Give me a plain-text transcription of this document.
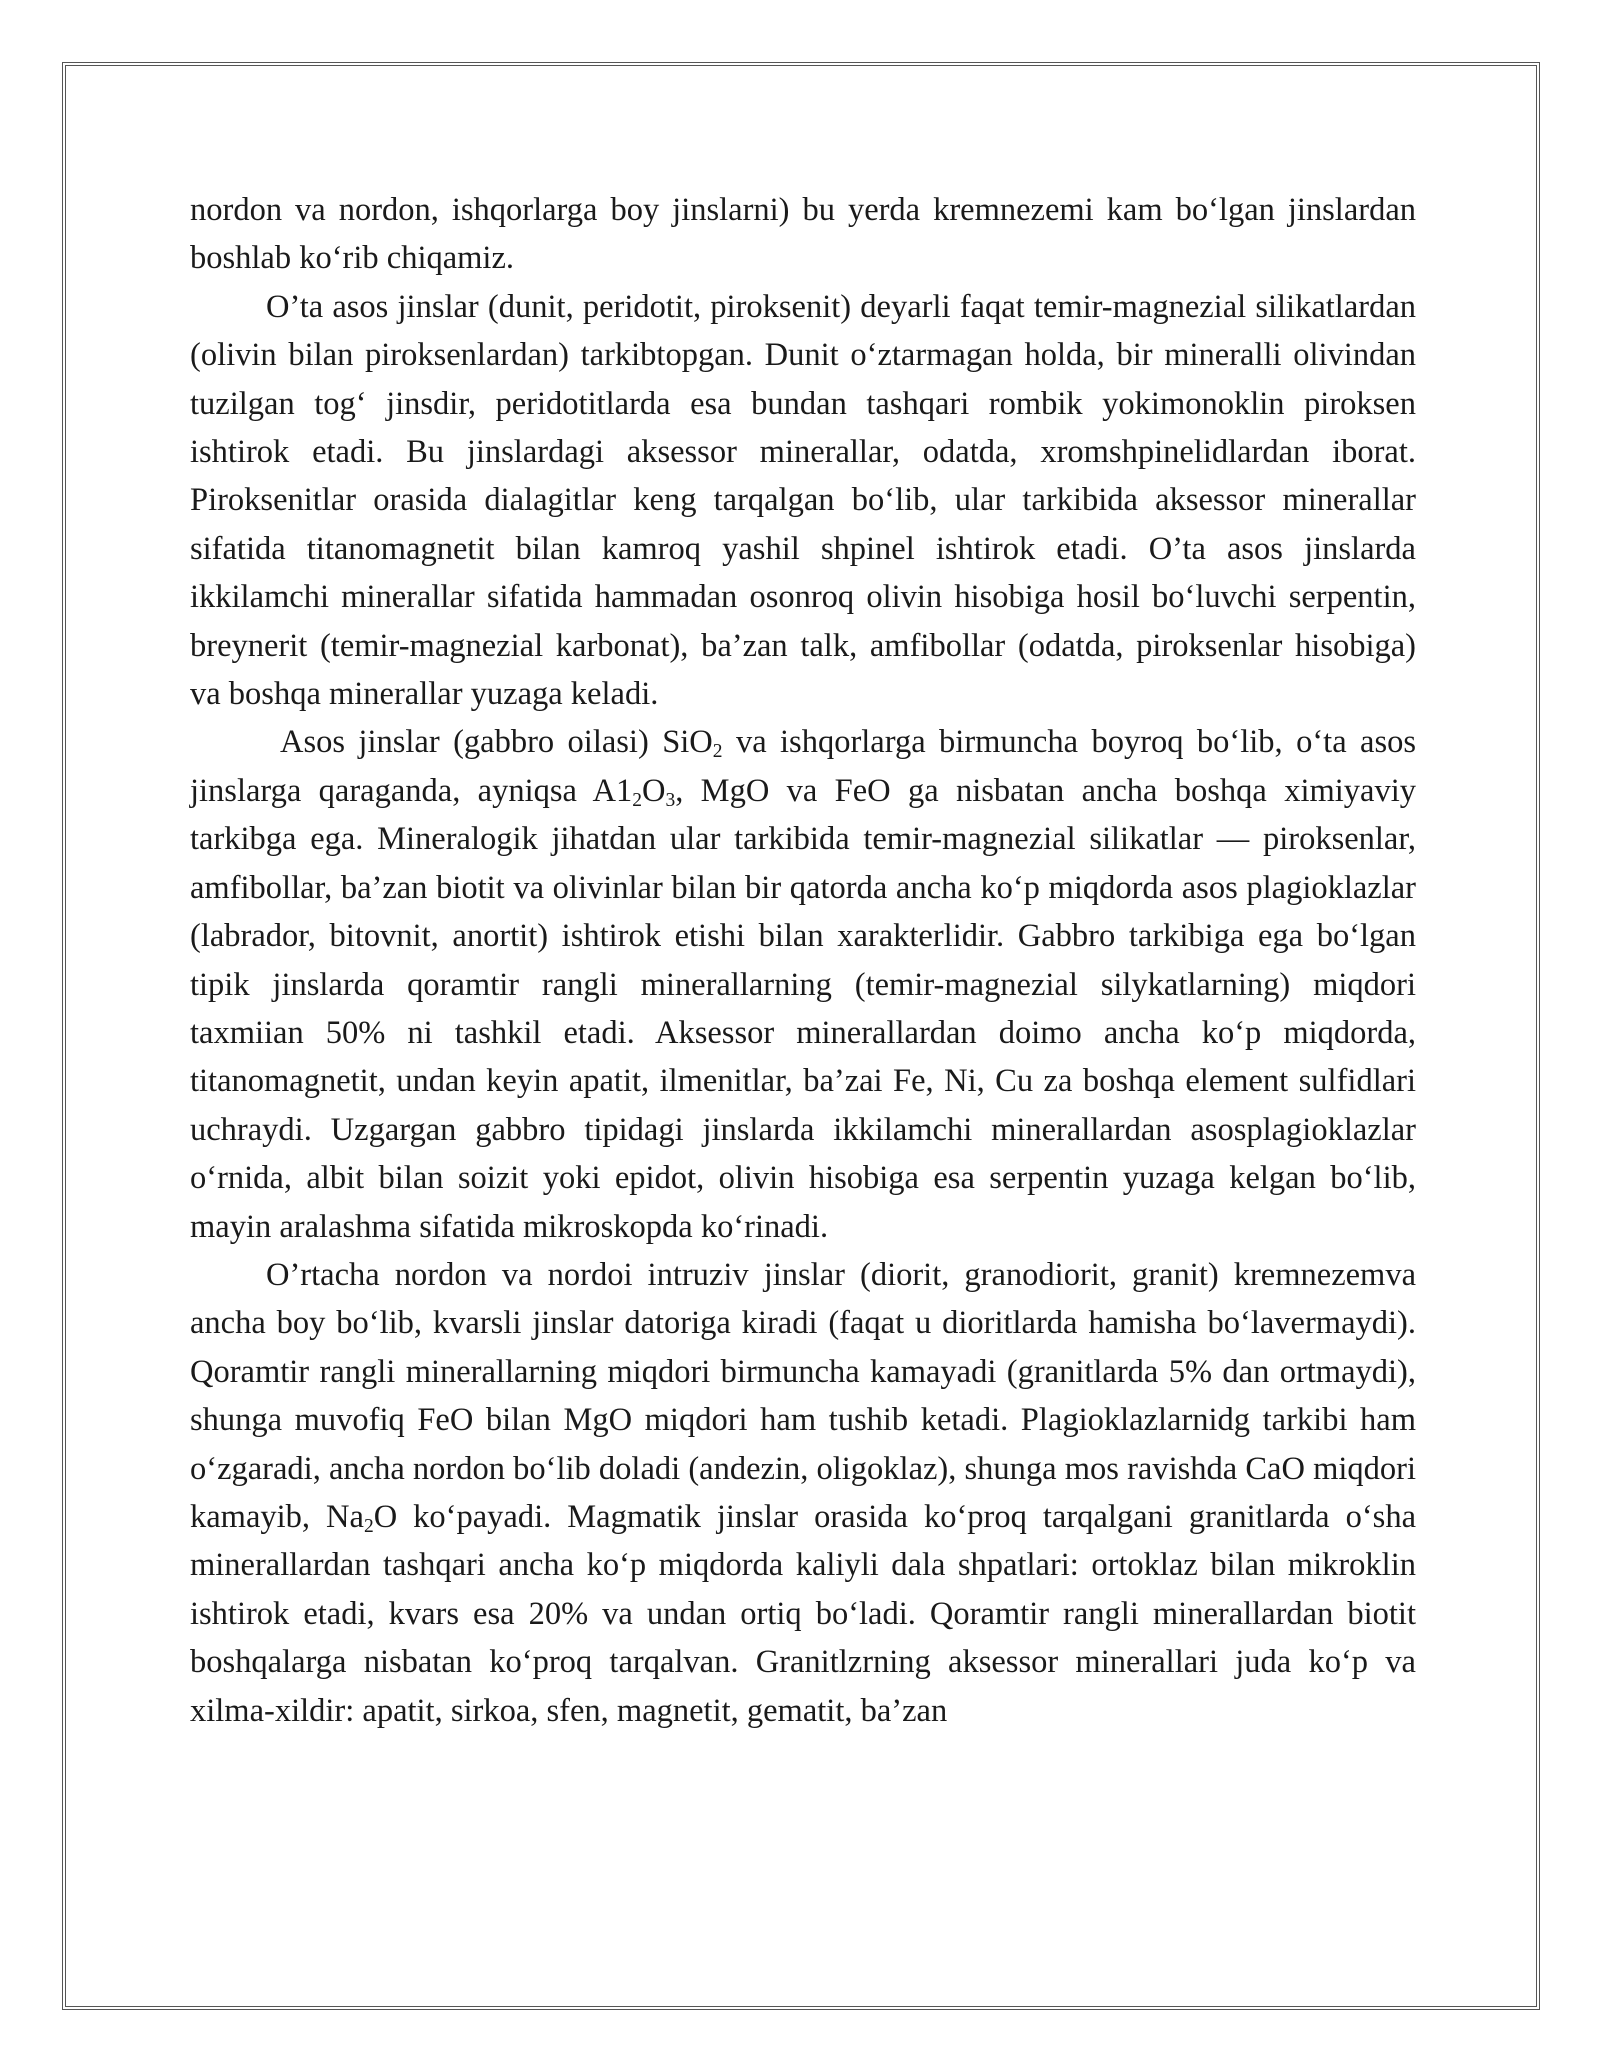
nordon va nordon, ishqorlarga boy jinslarni) bu yerda kremnezemi kam bo‘lgan jinslardan boshlab ko‘rib chiqamiz.

O’ta asos jinslar (dunit, peridotit, piroksenit) deyarli faqat temir-magnezial silikatlardan (olivin bilan piroksenlardan) tarkibtopgan. Dunit o‘ztarmagan holda, bir mineralli olivindan tuzilgan tog‘ jinsdir, peridotitlarda esa bundan tashqari rombik yokimonoklin piroksen ishtirok etadi. Bu jinslardagi aksessor minerallar, odatda, xromshpinelidlardan iborat. Piroksenitlar orasida dialagitlar keng tarqalgan bo‘lib, ular tarkibida aksessor minerallar sifatida titanomagnetit bilan kamroq yashil shpinel ishtirok etadi. O’ta asos jinslarda ikkilamchi minerallar sifatida hammadan osonroq olivin hisobiga hosil bo‘luvchi serpentin, breynerit (temir-magnezial karbonat), ba’zan talk, amfibollar (odatda, piroksenlar hisobiga) va boshqa minerallar yuzaga keladi.

Asos jinslar (gabbro oilasi) SiO$_2$ va ishqorlarga birmuncha boyroq bo‘lib, o‘ta asos jinslarga qaraganda, ayniqsa $A1_2O_3$, MgO va FeO ga nisbatan ancha boshqa ximiyaviy tarkibga ega. Mineralogik jihatdan ular tarkibida temir-magnezial silikatlar — piroksenlar, amfibollar, ba’zan biotit va olivinlar bilan bir qatorda ancha ko‘p miqdorda asos plagioklazlar (labrador, bitovnit, anortit) ishtirok etishi bilan xarakterlidir. Gabbro tarkibiga ega bo‘lgan tipik jinslarda qoramtir rangli minerallarning (temir-magnezial silykatlarning) miqdori taxmiian 50% ni tashkil etadi. Aksessor minerallardan doimo ancha ko‘p miqdorda, titanomagnetit, undan keyin apatit, ilmenitlar, ba’zai Fe, Ni, Cu za boshqa element sulfidlari uchraydi. Uzgargan gabbro tipidagi jinslarda ikkilamchi minerallardan asosplagioklazlar o‘rnida, albit bilan soizit yoki epidot, olivin hisobiga esa serpentin yuzaga kelgan bo‘lib, mayin aralashma sifatida mikroskopda ko‘rinadi.

O’rtacha nordon va nordoi intruziv jinslar (diorit, granodiorit, granit) kremnezemva ancha boy bo‘lib, kvarsli jinslar datoriga kiradi (faqat u dioritlarda hamisha bo‘lavermaydi). Qoramtir rangli minerallarning miqdori birmuncha kamayadi (granitlarda 5% dan ortmaydi), shunga muvofiq FeO bilan MgO miqdori ham tushib ketadi. Plagioklazlarnidg tarkibi ham o‘zgaradi, ancha nordon bo‘lib doladi (andezin, oligoklaz), shunga mos ravishda CaO miqdori kamayib, $Na_2O$ ko‘payadi. Magmatik jinslar orasida ko‘proq tarqalgani granitlarda o‘sha minerallardan tashqari ancha ko‘p miqdorda kaliyli dala shpatlari: ortoklaz bilan mikroklin ishtirok etadi, kvars esa 20% va undan ortiq bo‘ladi. Qoramtir rangli minerallardan biotit boshqalarga nisbatan ko‘proq tarqalvan. Granitlzrning aksessor minerallari juda ko‘p va xilma-xildir: apatit, sirkoa, sfen, magnetit, gematit, ba’zan
